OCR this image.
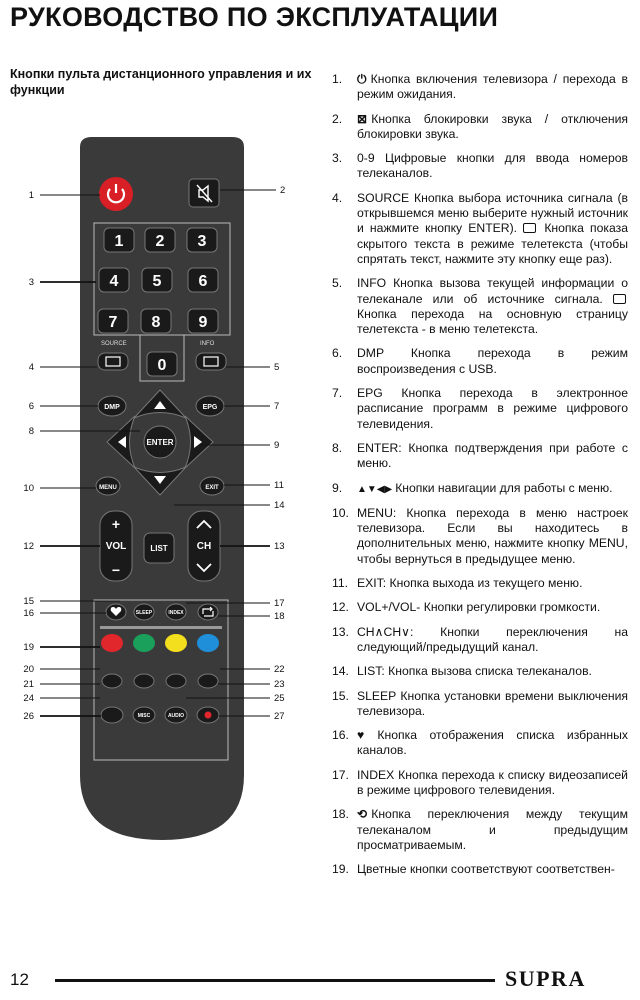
РУКОВОДСТВО ПО ЭКСПЛУАТАЦИИ
Кнопки пульта дистанционного управления и их функции
1 2 3
4 5 6
7 8 9
0
SOURCE	INFO
DMP	EPG
ENTER
MENU	EXIT
+
VOL
−
CH
LIST
SLEEP	INDEX
MISC	AUDIO
1	2
3
4	5
6	7
8
9
10	11
12	13
14
15
16
17
18
19
20
21
22
23
24	25
26	27
1.	⏻ Кнопка включения телевизора / перехода в режим ожидания.
2.	⊠ Кнопка блокировки звука / отключения блокировки звука.
3.	0-9 Цифровые кнопки для ввода номеров телеканалов.
4.	SOURCE Кнопка выбора источника сигнала (в открывшемся меню выберите нужный источник и нажмите кнопку ENTER). Кнопка показа скрытого текста в режиме телетекста (чтобы спрятать текст, нажмите эту кнопку еще раз).
5.	INFO Кнопка вызова текущей информации о телеканале или об источнике сигнала.  Кнопка перехода на основную страницу телетекста - в меню телетекста.
6.	DMP Кнопка перехода в режим воспроизведения с USB.
7.	EPG Кнопка перехода в электронное расписание программ в режиме цифрового телевидения.
8.	ENTER: Кнопка подтверждения при работе с меню.
9.	▲▼◀▶ Кнопки навигации для работы с меню.
10. MENU: Кнопка перехода в меню настроек телевизора. Если вы находитесь в дополнительных меню, нажмите кнопку MENU, чтобы вернуться в предыдущее меню.
11. EXIT: Кнопка выхода из текущего меню.
12. VOL+/VOL- Кнопки регулировки громкости.
13. CH∧CH∨: Кнопки переключения на следующий/предыдущий канал.
14. LIST: Кнопка вызова списка телеканалов.
15. SLEEP Кнопка установки времени выключения телевизора.
16. ♥ Кнопка отображения списка избранных каналов.
17. INDEX Кнопка перехода к списку видеозаписей в режиме цифрового телевидения.
18. ⟲ Кнопка переключения между текущим телеканалом и предыдущим просматриваемым.
19. Цветные кнопки соответствуют соответствен-
12	SUPRA
